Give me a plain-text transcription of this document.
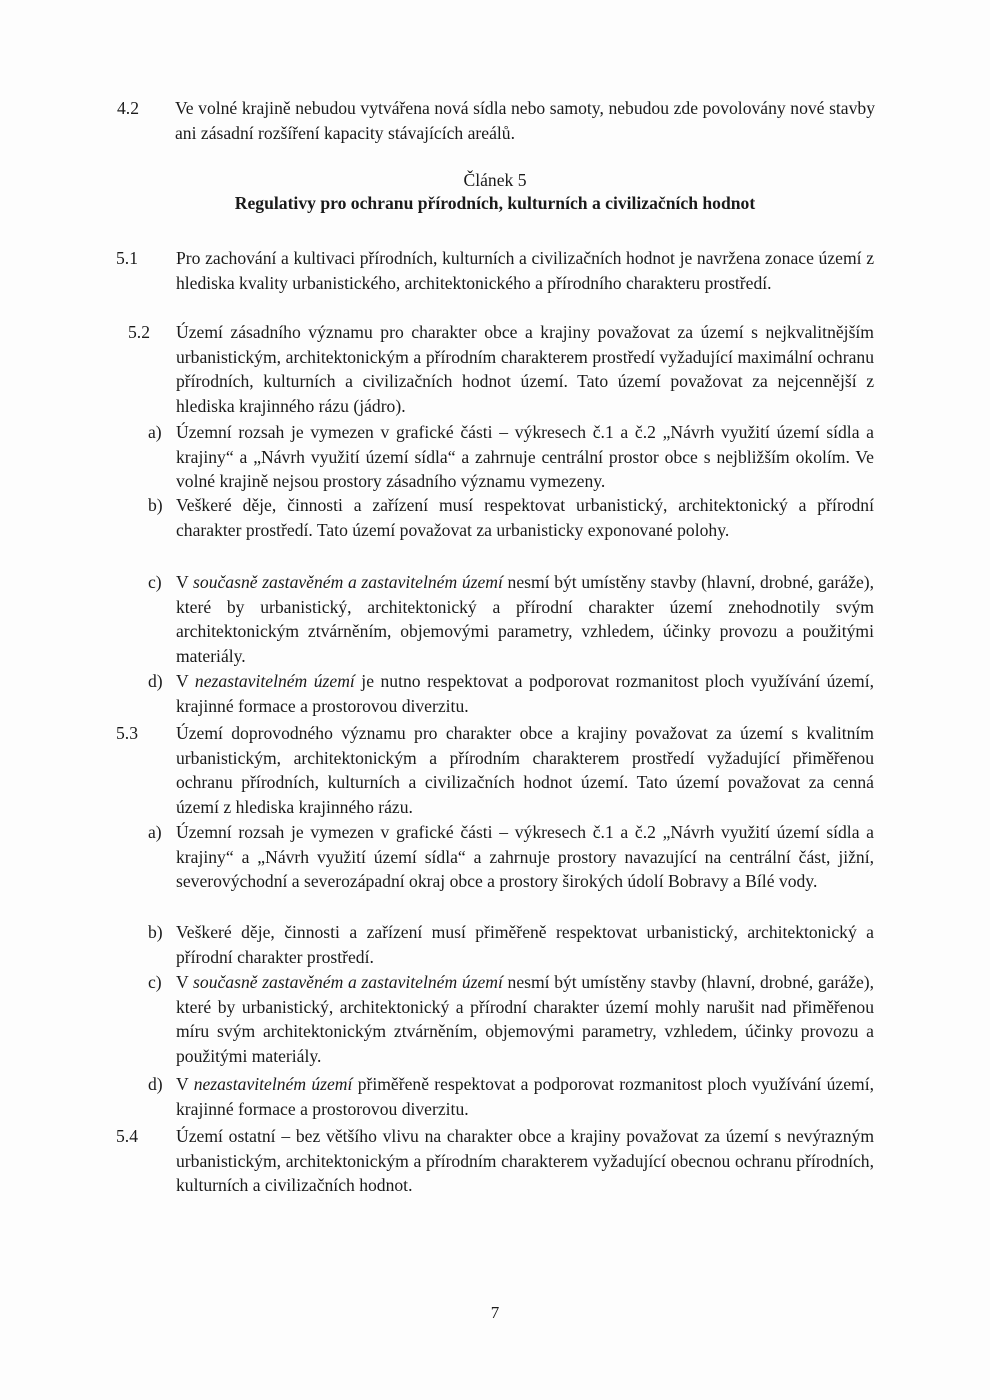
4.2 Ve volné krajině nebudou vytvářena nová sídla nebo samoty, nebudou zde povolovány nové stavby ani zásadní rozšíření kapacity stávajících areálů.
Článek 5
Regulativy pro ochranu přírodních, kulturních a civilizačních hodnot
5.1 Pro zachování a kultivaci přírodních, kulturních a civilizačních hodnot je navržena zonace území z hlediska kvality urbanistického, architektonického a přírodního charakteru prostředí.
5.2 Území zásadního významu pro charakter obce a krajiny považovat za území s nejkvalitnějším urbanistickým, architektonickým a přírodním charakterem prostředí vyžadující maximální ochranu přírodních, kulturních a civilizačních hodnot území. Tato území považovat za nejcennější z hlediska krajinného rázu (jádro).
a) Územní rozsah je vymezen v grafické části – výkresech č.1 a č.2 „Návrh využití území sídla a krajiny“ a „Návrh využití území sídla“ a zahrnuje centrální prostor obce s nejbližším okolím. Ve volné krajině nejsou prostory zásadního významu vymezeny.
b) Veškeré děje, činnosti a zařízení musí respektovat urbanistický, architektonický a přírodní charakter prostředí. Tato území považovat za urbanisticky exponované polohy.
c) V současně zastavěném a zastavitelném území nesmí být umístěny stavby (hlavní, drobné, garáže), které by urbanistický, architektonický a přírodní charakter území znehodnotily svým architektonickým ztvárněním, objemovými parametry, vzhledem, účinky provozu a použitými materiály.
d) V nezastavitelném území je nutno respektovat a podporovat rozmanitost ploch využívání území, krajinné formace a prostorovou diverzitu.
5.3 Území doprovodného významu pro charakter obce a krajiny považovat za území s kvalitním urbanistickým, architektonickým a přírodním charakterem prostředí vyžadující přiměřenou ochranu přírodních, kulturních a civilizačních hodnot území. Tato území považovat za cenná území z hlediska krajinného rázu.
a) Územní rozsah je vymezen v grafické části – výkresech č.1 a č.2 „Návrh využití území sídla a krajiny“ a „Návrh využití území sídla“ a zahrnuje prostory navazující na centrální část, jižní, severovýchodní a severozápadní okraj obce a prostory širokých údolí Bobravy a Bílé vody.
b) Veškeré děje, činnosti a zařízení musí přiměřeně respektovat urbanistický, architektonický a přírodní charakter prostředí.
c) V současně zastavěném a zastavitelném území nesmí být umístěny stavby (hlavní, drobné, garáže), které by urbanistický, architektonický a přírodní charakter území mohly narušit nad přiměřenou míru svým architektonickým ztvárněním, objemovými parametry, vzhledem, účinky provozu a použitými materiály.
d) V nezastavitelném území přiměřeně respektovat a podporovat rozmanitost ploch využívání území, krajinné formace a prostorovou diverzitu.
5.4 Území ostatní – bez většího vlivu na charakter obce a krajiny považovat za území s nevýrazným urbanistickým, architektonickým a přírodním charakterem vyžadující obecnou ochranu přírodních, kulturních a civilizačních hodnot.
7
